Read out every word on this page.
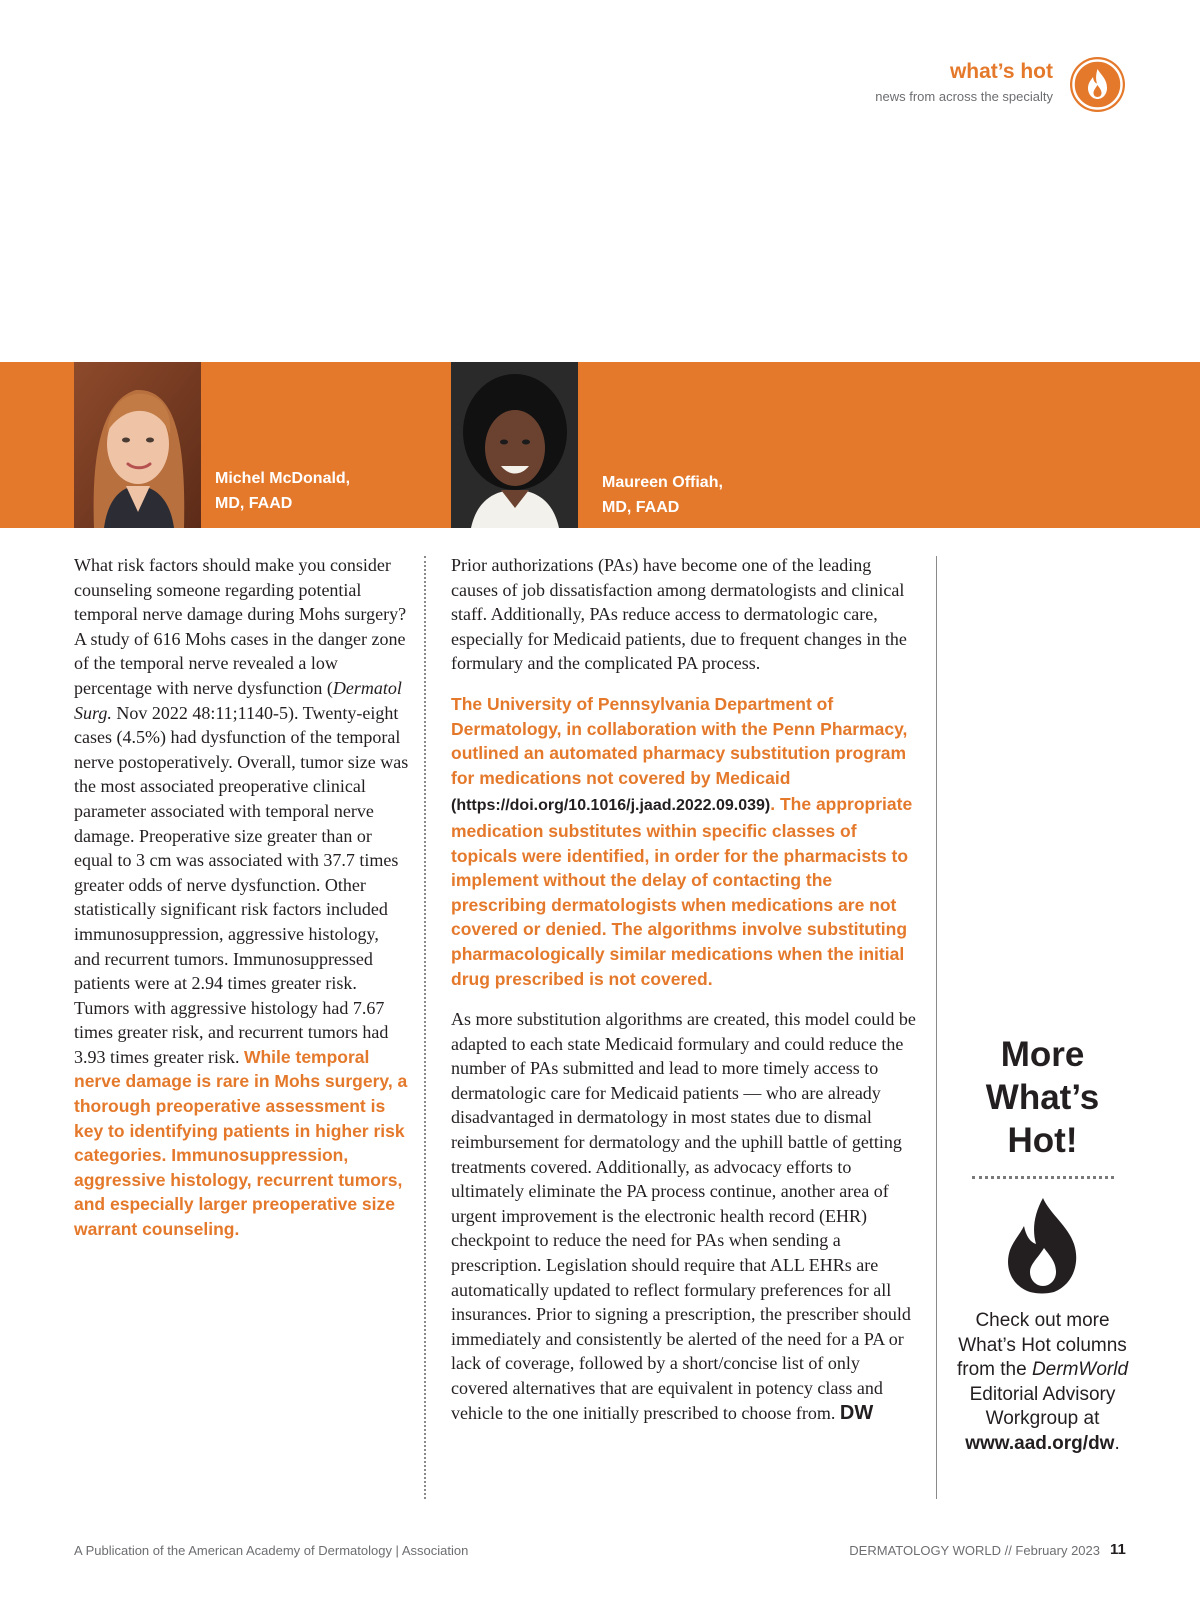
what’s hot
news from across the specialty
Michel McDonald,
MD, FAAD
Maureen Offiah,
MD, FAAD

What risk factors should make you consider counseling someone regarding potential temporal nerve damage during Mohs surgery? A study of 616 Mohs cases in the danger zone of the temporal nerve revealed a low percentage with nerve dysfunction (Dermatol Surg. Nov 2022 48:11;1140-5). Twenty-eight cases (4.5%) had dysfunction of the temporal nerve postoperatively. Overall, tumor size was the most associated preoperative clinical parameter associated with temporal nerve damage. Preoperative size greater than or equal to 3 cm was associated with 37.7 times greater odds of nerve dysfunction. Other statistically significant risk factors included immunosuppression, aggressive histology, and recurrent tumors. Immunosuppressed patients were at 2.94 times greater risk. Tumors with aggressive histology had 7.67 times greater risk, and recurrent tumors had 3.93 times greater risk. While temporal nerve damage is rare in Mohs surgery, a thorough preoperative assessment is key to identifying patients in higher risk categories. Immunosuppression, aggressive histology, recurrent tumors, and especially larger preoperative size warrant counseling.

Prior authorizations (PAs) have become one of the leading causes of job dissatisfaction among dermatologists and clinical staff. Additionally, PAs reduce access to dermatologic care, especially for Medicaid patients, due to frequent changes in the formulary and the complicated PA process.

The University of Pennsylvania Department of Dermatology, in collaboration with the Penn Pharmacy, outlined an automated pharmacy substitution program for medications not covered by Medicaid (https://doi.org/10.1016/j.jaad.2022.09.039). The appropriate medication substitutes within specific classes of topicals were identified, in order for the pharmacists to implement without the delay of contacting the prescribing dermatologists when medications are not covered or denied. The algorithms involve substituting pharmacologically similar medications when the initial drug prescribed is not covered.

As more substitution algorithms are created, this model could be adapted to each state Medicaid formulary and could reduce the number of PAs submitted and lead to more timely access to dermatologic care for Medicaid patients — who are already disadvantaged in dermatology in most states due to dismal reimbursement for dermatology and the uphill battle of getting treatments covered. Additionally, as advocacy efforts to ultimately eliminate the PA process continue, another area of urgent improvement is the electronic health record (EHR) checkpoint to reduce the need for PAs when sending a prescription. Legislation should require that ALL EHRs are automatically updated to reflect formulary preferences for all insurances. Prior to signing a prescription, the prescriber should immediately and consistently be alerted of the need for a PA or lack of coverage, followed by a short/concise list of only covered alternatives that are equivalent in potency class and vehicle to the one initially prescribed to choose from. DW

More
What’s
Hot!
Check out more What’s Hot columns from the DermWorld Editorial Advisory Workgroup at www.aad.org/dw.
A Publication of the American Academy of Dermatology | Association	DERMATOLOGY WORLD // February 2023 11
